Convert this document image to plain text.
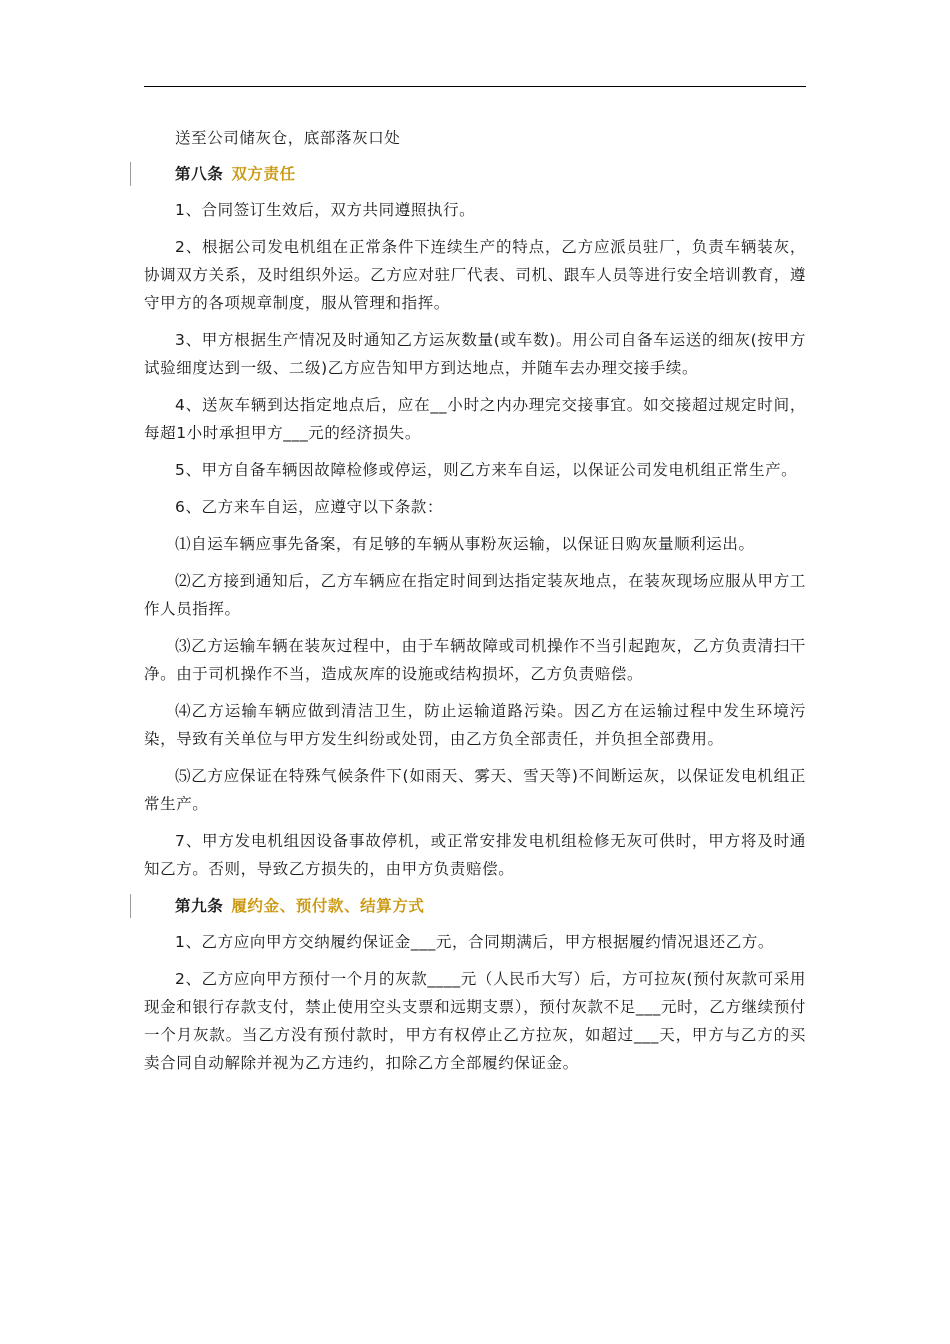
送至公司储灰仓，底部落灰口处

第八条 双方责任

1、合同签订生效后，双方共同遵照执行。

2、根据公司发电机组在正常条件下连续生产的特点，乙方应派员驻厂，负责车辆装灰，协调双方关系，及时组织外运。乙方应对驻厂代表、司机、跟车人员等进行安全培训教育，遵守甲方的各项规章制度，服从管理和指挥。

3、甲方根据生产情况及时通知乙方运灰数量(或车数)。用公司自备车运送的细灰(按甲方试验细度达到一级、二级)乙方应告知甲方到达地点，并随车去办理交接手续。

4、送灰车辆到达指定地点后，应在__小时之内办理完交接事宜。如交接超过规定时间，每超1小时承担甲方___元的经济损失。

5、甲方自备车辆因故障检修或停运，则乙方来车自运，以保证公司发电机组正常生产。

6、乙方来车自运，应遵守以下条款：

⑴自运车辆应事先备案，有足够的车辆从事粉灰运输，以保证日购灰量顺利运出。

⑵乙方接到通知后，乙方车辆应在指定时间到达指定装灰地点，在装灰现场应服从甲方工作人员指挥。

⑶乙方运输车辆在装灰过程中，由于车辆故障或司机操作不当引起跑灰，乙方负责清扫干净。由于司机操作不当，造成灰库的设施或结构损坏，乙方负责赔偿。

⑷乙方运输车辆应做到清洁卫生，防止运输道路污染。因乙方在运输过程中发生环境污染，导致有关单位与甲方发生纠纷或处罚，由乙方负全部责任，并负担全部费用。

⑸乙方应保证在特殊气候条件下(如雨天、雾天、雪天等)不间断运灰，以保证发电机组正常生产。

7、甲方发电机组因设备事故停机，或正常安排发电机组检修无灰可供时，甲方将及时通知乙方。否则，导致乙方损失的，由甲方负责赔偿。

第九条 履约金、预付款、结算方式

1、乙方应向甲方交纳履约保证金___元，合同期满后，甲方根据履约情况退还乙方。

2、乙方应向甲方预付一个月的灰款____元（人民币大写）后，方可拉灰(预付灰款可采用现金和银行存款支付，禁止使用空头支票和远期支票），预付灰款不足___元时，乙方继续预付一个月灰款。当乙方没有预付款时，甲方有权停止乙方拉灰，如超过___天，甲方与乙方的买卖合同自动解除并视为乙方违约，扣除乙方全部履约保证金。
